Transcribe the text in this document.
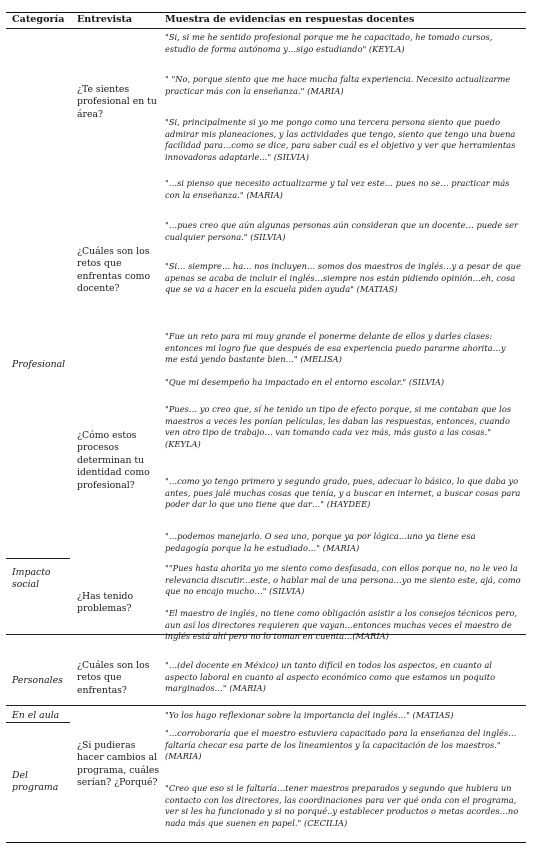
Categoría Entrevista	Muestra de evidencias en respuestas docentes
Profesional
Impacto social
Personales
En el aula
Del programa
¿Te sientes profesional en tu área?
¿Cuáles son los retos que enfrentas como docente?
¿Cómo estos procesos determinan tu identidad como profesional?
¿Has tenido problemas?
¿Cuáles son los retos que enfrentas?
¿Si pudieras hacer cambios al programa, cuáles serían? ¿Porqué?

"Si, si me he sentido profesional porque me he capacitado, he tomado cursos, estudio de forma autónoma y…sigo estudiando" (KEYLA)

" "No, porque siento que me hace mucha falta experiencia. Necesito actualizarme practicar más con la enseñanza." (MARIA)

"Si, principalmente si yo me pongo como una tercera persona siento que puedo admirar mis planeaciones, y las actividades que tengo, siento que tengo una buena facilidad para…como se dice, para saber cuál es el objetivo y ver que herramientas innovadoras adaptarle..." (SILVIA)

"…si pienso que necesito actualizarme y tal vez este… pues no se… practicar más con la enseñanza." (MARIA)

"…pues creo que aún algunas personas aún consideran que un docente… puede ser cualquier persona." (SILVIA)

"Si… siempre… ha… nos incluyen… somos dos maestros de inglés…y a pesar de que apenas se acaba de incluir el inglés…siempre nos están pidiendo opinión…eh, cosa que se va a hacer en la escuela piden ayuda" (MATIAS)

"Fue un reto para mi muy grande el ponerme delante de ellos y darles clases: entonces mi logro fue que después de esa experiencia puedo pararme ahorita…y me está yendo bastante bien…" (MELISA)

"Que mi desempeño ha impactado en el entorno escolar." (SILVIA)

"Pues… yo creo que, sí he tenido un tipo de efecto porque, si me contaban que los maestros a veces les ponían películas, les daban las respuestas, entonces, cuando ven otro tipo de trabajo… van tomando cada vez más, más gusto a las cosas." (KEYLA)

"…como yo tengo primero y segundo grado, pues, adecuar lo básico, lo que daba yo antes, pues jalé muchas cosas que tenía, y a buscar en internet, a buscar cosas para poder dar lo que uno tiene que dar…" (HAYDEE)

"…podemos manejarlo. O sea uno, porque ya por lógica…uno ya tiene esa pedagogía porque la he estudiado…" (MARIA)

""Pues hasta ahorita yo me siento como desfasada, con ellos porque no, no le veo la relevancia discutir...este, o hablar mal de una persona…yo me siento este, ajá, como que no encajo mucho…" (SILVIA)

"El maestro de inglés, no tiene como obligación asistir a los consejos técnicos pero, aun así los directores requieren que vayan…entonces muchas veces el maestro de inglés está ahí pero no lo toman en cuenta…(MARIA)

"…(del docente en México) un tanto difícil en todos los aspectos, en cuanto al aspecto laboral en cuanto al aspecto económico como que estamos un poquito marginados…" (MARIA)

"Yo los hago reflexionar sobre la importancia del inglés…" (MATIAS)

"…corroboraría que el maestro estuviera capacitado para la enseñanza del inglés… faltaría checar esa parte de los lineamientos y la capacitación de los maestros." (MARIA)

"Creo que eso si le faltaría…tener maestros preparados y segundo que hubiera un contacto con los directores, las coordinaciones para ver qué onda con el programa, ver si les ha funcionado y si no porqué..y establecer productos o metas acordes…no nada más que suenen en papel." (CECILIA)
